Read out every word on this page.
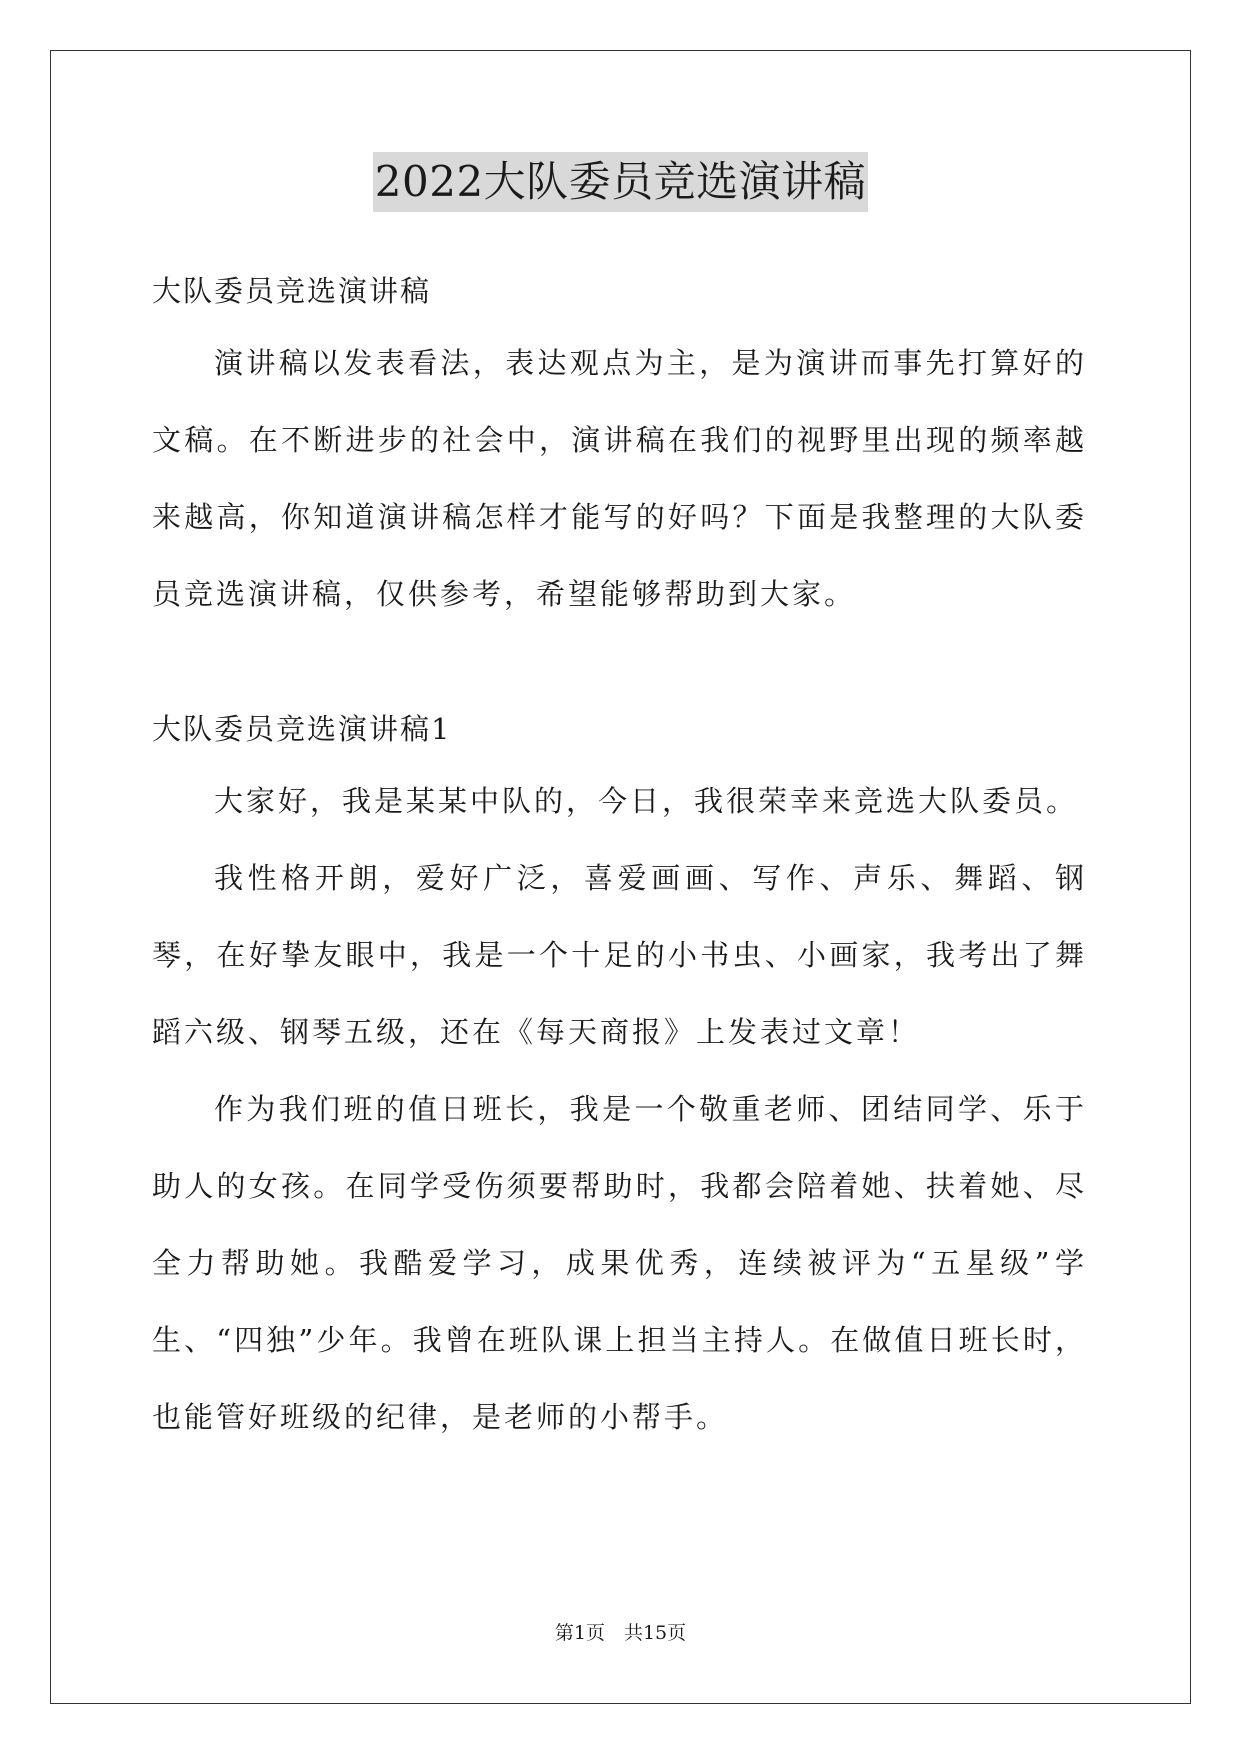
2022大队委员竞选演讲稿

大队委员竞选演讲稿

演讲稿以发表看法，表达观点为主，是为演讲而事先打算好的文稿。在不断进步的社会中，演讲稿在我们的视野里出现的频率越来越高，你知道演讲稿怎样才能写的好吗？下面是我整理的大队委员竞选演讲稿，仅供参考，希望能够帮助到大家。

大队委员竞选演讲稿1

大家好，我是某某中队的，今日，我很荣幸来竞选大队委员。

我性格开朗，爱好广泛，喜爱画画、写作、声乐、舞蹈、钢琴，在好挚友眼中，我是一个十足的小书虫、小画家，我考出了舞蹈六级、钢琴五级，还在《每天商报》上发表过文章！

作为我们班的值日班长，我是一个敬重老师、团结同学、乐于助人的女孩。在同学受伤须要帮助时，我都会陪着她、扶着她、尽全力帮助她。我酷爱学习，成果优秀，连续被评为“五星级”学生、“四独”少年。我曾在班队课上担当主持人。在做值日班长时，也能管好班级的纪律，是老师的小帮手。

第1页　共15页
